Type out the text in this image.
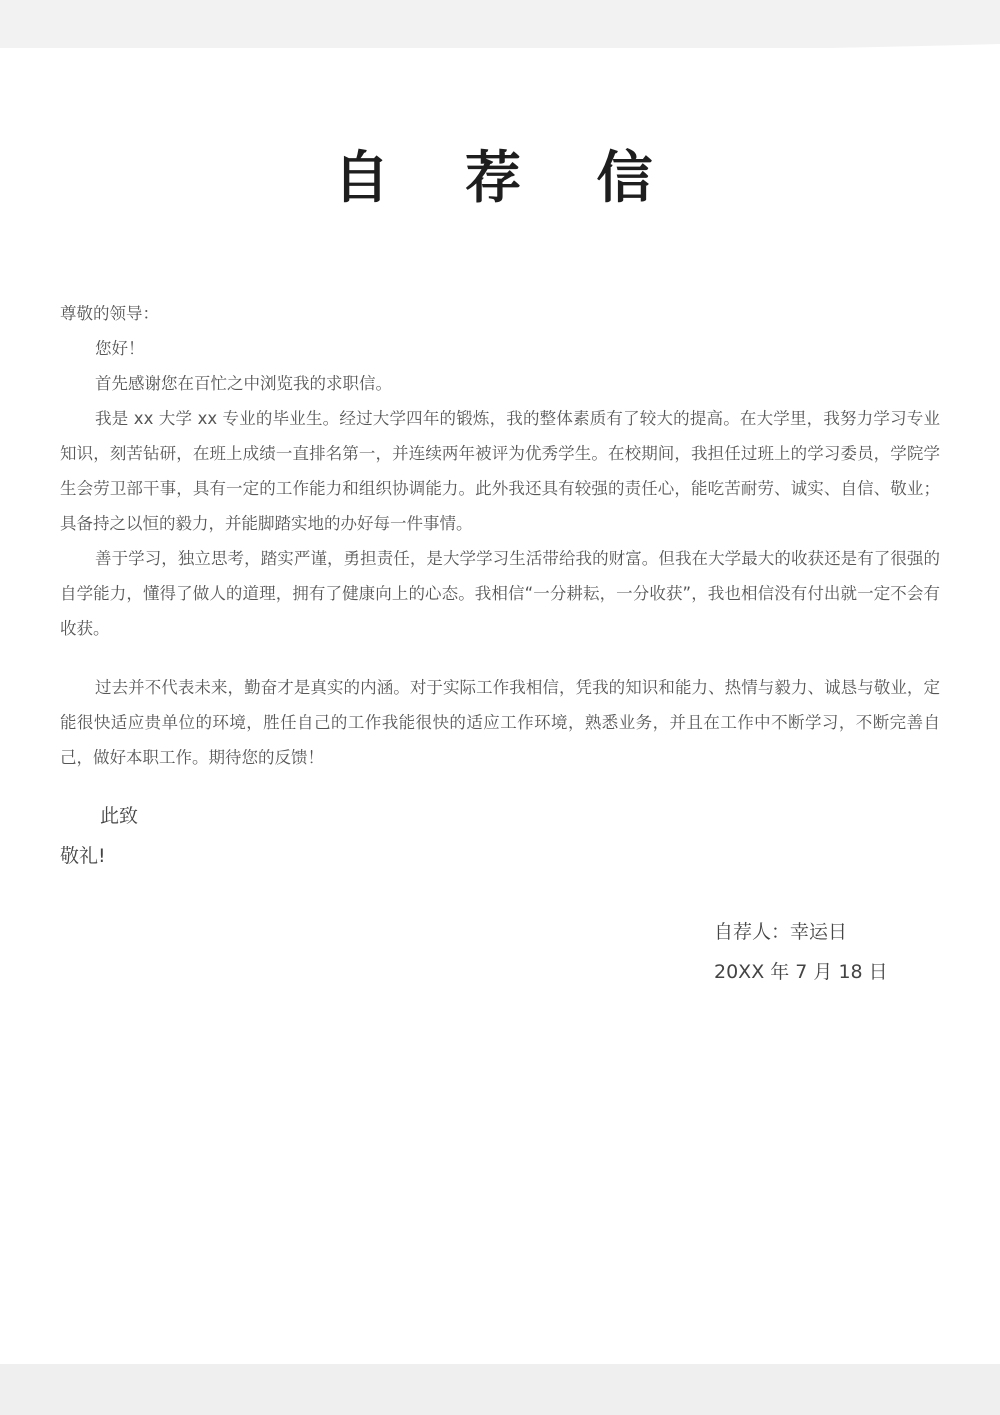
自 荐 信

尊敬的领导：

您好！

首先感谢您在百忙之中浏览我的求职信。

我是 xx 大学 xx 专业的毕业生。经过大学四年的锻炼，我的整体素质有了较大的提高。在大学里，我努力学习专业知识，刻苦钻研，在班上成绩一直排名第一，并连续两年被评为优秀学生。在校期间，我担任过班上的学习委员，学院学生会劳卫部干事，具有一定的工作能力和组织协调能力。此外我还具有较强的责任心，能吃苦耐劳、诚实、自信、敬业；具备持之以恒的毅力，并能脚踏实地的办好每一件事情。

善于学习，独立思考，踏实严谨，勇担责任，是大学学习生活带给我的财富。但我在大学最大的收获还是有了很强的自学能力，懂得了做人的道理，拥有了健康向上的心态。我相信“一分耕耘，一分收获”，我也相信没有付出就一定不会有收获。

过去并不代表未来，勤奋才是真实的内涵。对于实际工作我相信，凭我的知识和能力、热情与毅力、诚恳与敬业，定能很快适应贵单位的环境，胜任自己的工作我能很快的适应工作环境，熟悉业务，并且在工作中不断学习，不断完善自己，做好本职工作。期待您的反馈！

此致
敬礼!
自荐人：幸运日
20XX 年 7 月 18 日
